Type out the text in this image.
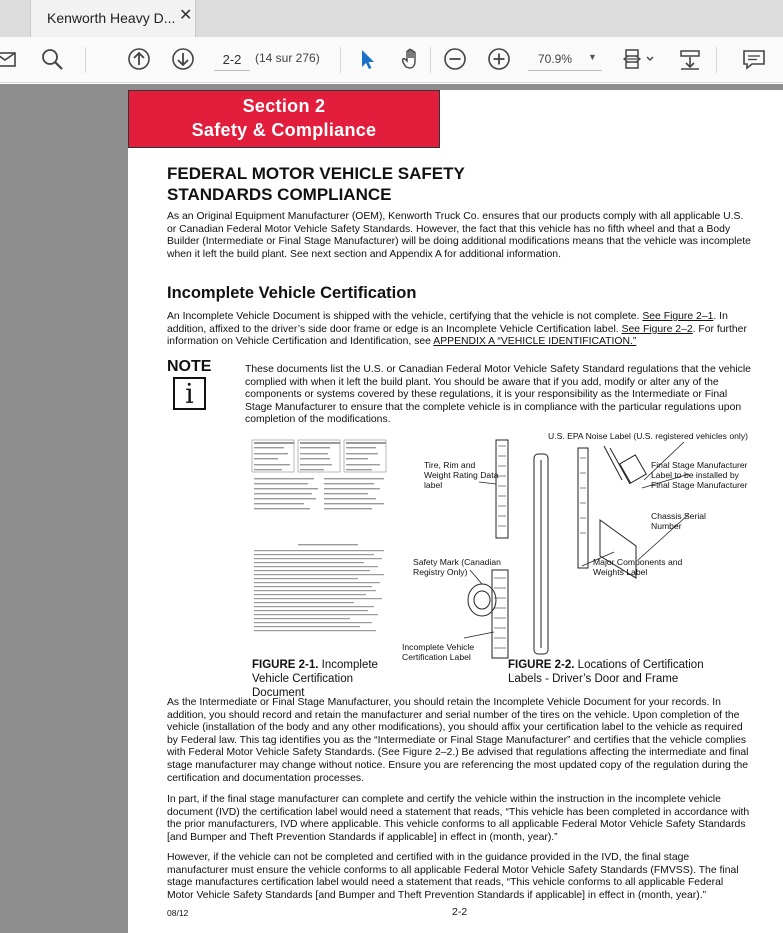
Kenworth Heavy D... ✕
2-2
(14 sur 276)	70.9% ▼
Section 2
Safety & Compliance
FEDERAL MOTOR VEHICLE SAFETY
STANDARDS COMPLIANCE
As an Original Equipment Manufacturer (OEM), Kenworth Truck Co. ensures that our products comply with all applicable U.S. or Canadian Federal Motor Vehicle Safety Standards. However, the fact that this vehicle has no fifth wheel and that a Body Builder (Intermediate or Final Stage Manufacturer) will be doing additional modifications means that the vehicle was incomplete when it left the build plant. See next section and Appendix A for additional information.
Incomplete Vehicle Certification
An Incomplete Vehicle Document is shipped with the vehicle, certifying that the vehicle is not complete. See Figure 2–1. In addition, affixed to the driver’s side door frame or edge is an Incomplete Vehicle Certification label. See Figure 2–2. For further information on Vehicle Certification and Identification, see APPENDIX A “VEHICLE IDENTIFICATION.”
NOTE
i
These documents list the U.S. or Canadian Federal Motor Vehicle Safety Standard regulations that the vehicle complied with when it left the build plant. You should be aware that if you add, modify or alter any of the components or systems covered by these regulations, it is your responsibility as the Intermediate or Final Stage Manufacturer to ensure that the complete vehicle is in compliance with the particular regulations upon completion of the modifications.
U.S. EPA Noise Label (U.S. registered vehicles only)
Tire, Rim and Weight Rating Data label
Final Stage Manufacturer Label to be installed by Final Stage Manufacturer
Chassis Serial Number
Safety Mark (Canadian Registry Only)
Major Components and Weights Label
Incomplete Vehicle Certification Label
FIGURE 2-1. Incomplete Vehicle Certification Document
FIGURE 2-2. Locations of Certification Labels - Driver’s Door and Frame
As the Intermediate or Final Stage Manufacturer, you should retain the Incomplete Vehicle Document for your records. In addition, you should record and retain the manufacturer and serial number of the tires on the vehicle. Upon completion of the vehicle (installation of the body and any other modifications), you should affix your certification label to the vehicle as required by Federal law. This tag identifies you as the “Intermediate or Final Stage Manufacturer” and certifies that the vehicle complies with Federal Motor Vehicle Safety Standards. (See Figure 2–2.) Be advised that regulations affecting the intermediate and final stage manufacturer may change without notice. Ensure you are referencing the most updated copy of the regulation during the certification and documentation processes.
In part, if the final stage manufacturer can complete and certify the vehicle within the instruction in the incomplete vehicle document (IVD) the certification label would need a statement that reads, “This vehicle has been completed in accordance with the prior manufacturers, IVD where applicable. This vehicle conforms to all applicable Federal Motor Vehicle Safety Standards [and Bumper and Theft Prevention Standards if applicable] in effect in (month, year).”
However, if the vehicle can not be completed and certified with in the guidance provided in the IVD, the final stage manufacturer must ensure the vehicle conforms to all applicable Federal Motor Vehicle Safety Standards (FMVSS). The final stage manufactures certification label would need a statement that reads, “This vehicle conforms to all applicable Federal Motor Vehicle Safety Standards [and Bumper and Theft Prevention Standards if applicable] in effect in (month, year).”
08/12	2-2
